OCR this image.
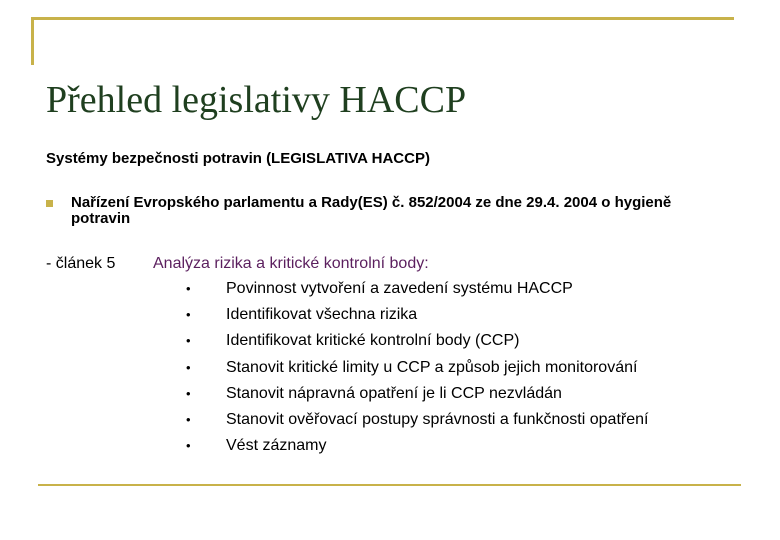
Přehled legislativy HACCP
Systémy bezpečnosti potravin (LEGISLATIVA HACCP)
Nařízení Evropského parlamentu a Rady(ES) č. 852/2004 ze dne 29.4. 2004 o hygieně potravin
- článek 5 Analýza rizika a kritické kontrolní body:
• Povinnost vytvoření a zavedení systému HACCP
• Identifikovat všechna rizika
• Identifikovat kritické kontrolní body (CCP)
• Stanovit kritické limity u CCP a způsob jejich monitorování
• Stanovit nápravná opatření je li CCP nezvládán
• Stanovit ověřovací postupy správnosti a funkčnosti opatření
• Vést záznamy
